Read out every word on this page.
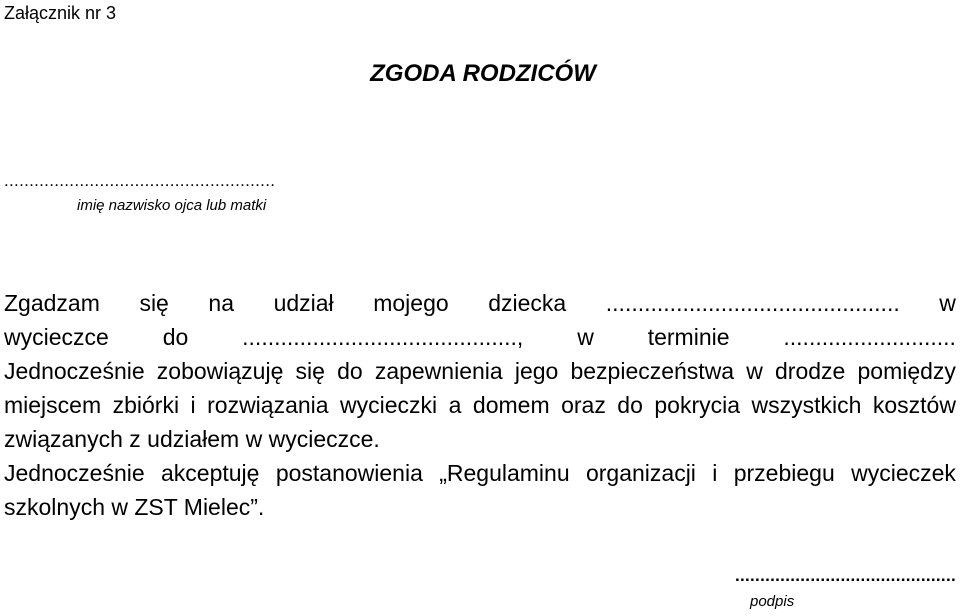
Załącznik nr 3
ZGODA RODZICÓW
......................................................
imię nazwisko ojca lub matki
Zgadzam się na udział mojego dziecka .............................................. w
wycieczce do ..........................................., w terminie ...........................
Jednocześnie zobowiązuję się do zapewnienia jego bezpieczeństwa w drodze pomiędzy
miejscem zbiórki i rozwiązania wycieczki a domem oraz do pokrycia wszystkich kosztów
związanych z udziałem w wycieczce.
Jednocześnie akceptuję postanowienia „Regulaminu organizacji i przebiegu wycieczek
szkolnych w ZST Mielec”.
............................................
podpis
